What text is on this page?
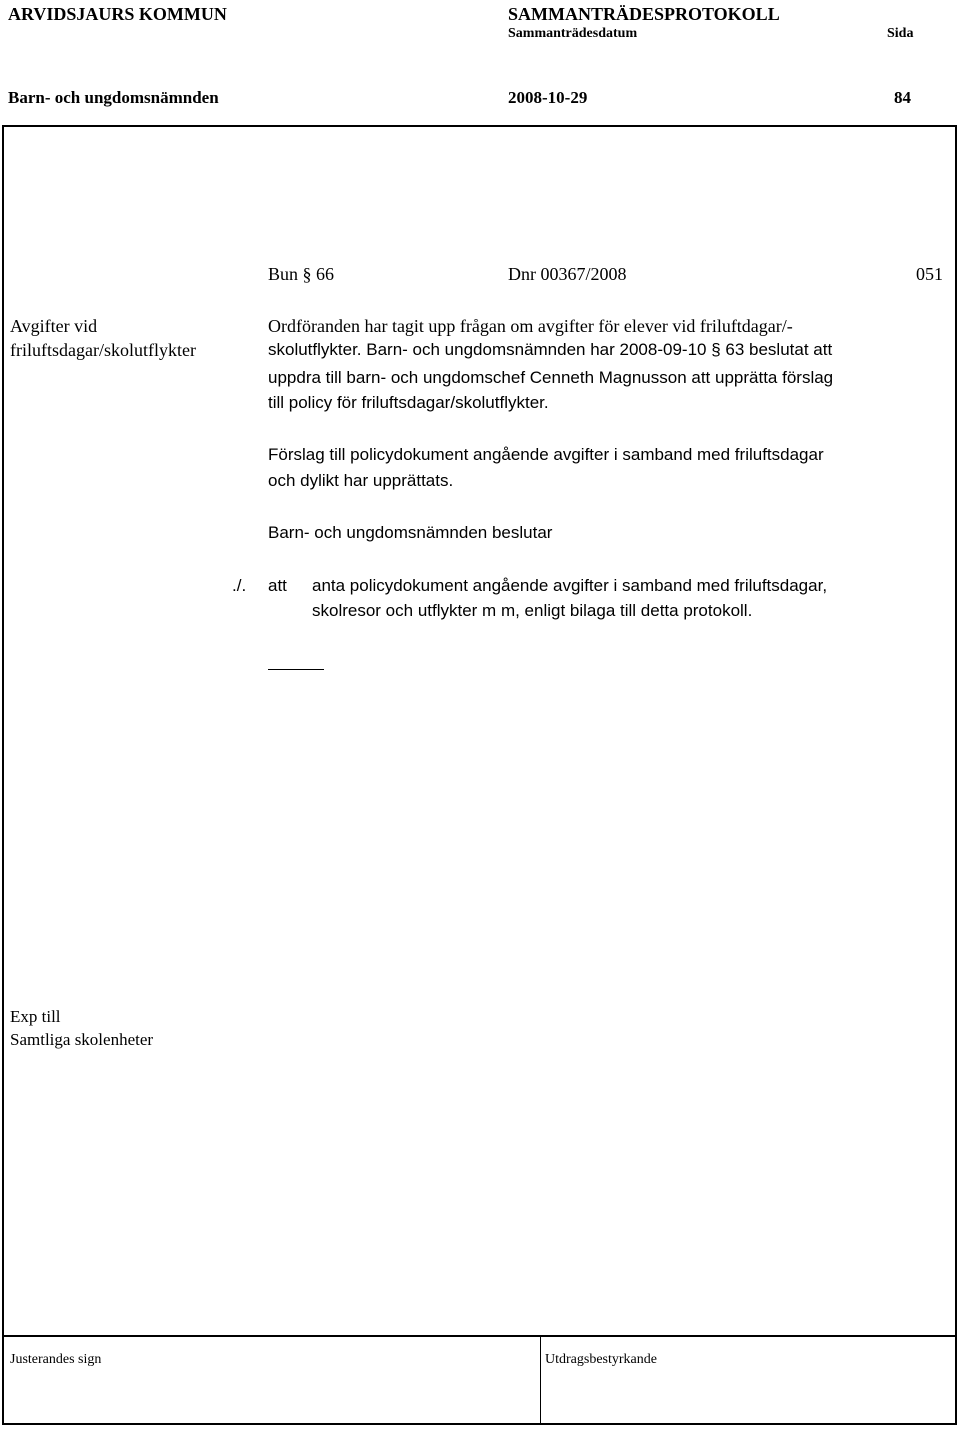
ARVIDSJAURS KOMMUN	SAMMANTRÄDESPROTOKOLL
Sammanträdesdatum	Sida
Barn- och ungdomsnämnden	2008-10-29	84
Bun § 66	Dnr 00367/2008	051
Avgifter vid
friluftsdagar/skolutflykter
Ordföranden har tagit upp frågan om avgifter för elever vid friluftdagar/-
skolutflykter. Barn- och ungdomsnämnden har 2008-09-10 § 63 beslutat att
uppdra till barn- och ungdomschef Cenneth Magnusson att upprätta förslag
till policy för friluftsdagar/skolutflykter.
Förslag till policydokument angående avgifter i samband med friluftsdagar
och dylikt har upprättats.
Barn- och ungdomsnämnden beslutar
./. att anta policydokument angående avgifter i samband med friluftsdagar,
skolresor och utflykter m m, enligt bilaga till detta protokoll.
Exp till
Samtliga skolenheter
Justerandes sign	Utdragsbestyrkande
